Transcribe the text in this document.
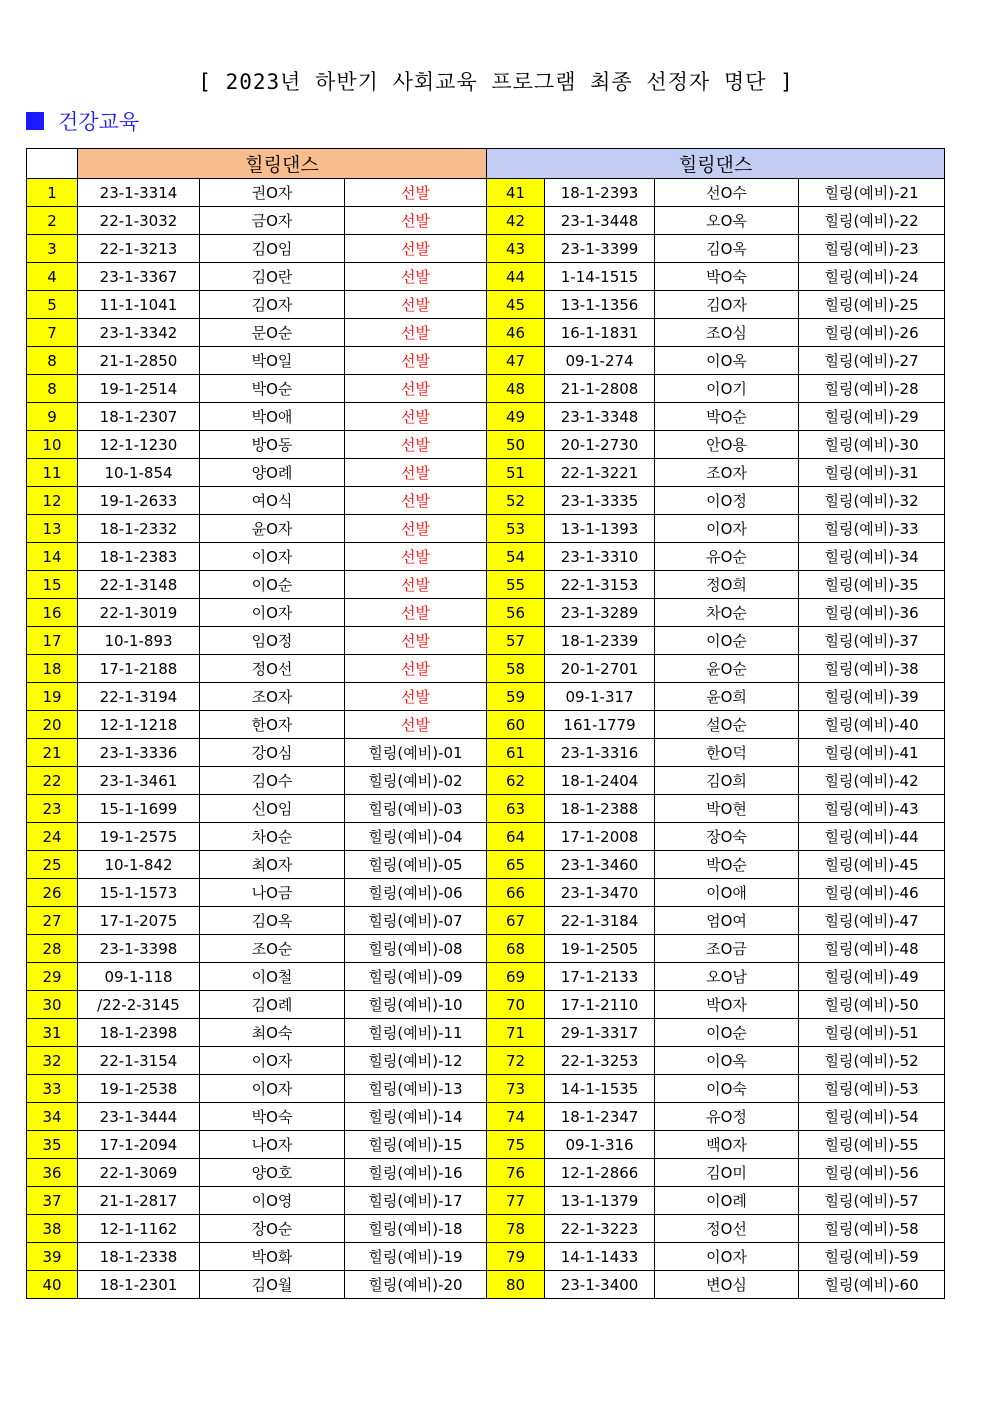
[ 2023년 하반기 사회교육 프로그램 최종 선정자 명단 ]
건강교육
	힐링댄스			힐링댄스			
1	23-1-3314	권O자	선발	41	18-1-2393	선O수	힐링(예비)-21
2	22-1-3032	금O자	선발	42	23-1-3448	오O옥	힐링(예비)-22
3	22-1-3213	김O임	선발	43	23-1-3399	김O옥	힐링(예비)-23
4	23-1-3367	김O란	선발	44	1-14-1515	박O숙	힐링(예비)-24
5	11-1-1041	김O자	선발	45	13-1-1356	김O자	힐링(예비)-25
7	23-1-3342	문O순	선발	46	16-1-1831	조O심	힐링(예비)-26
8	21-1-2850	박O일	선발	47	09-1-274	이O옥	힐링(예비)-27
8	19-1-2514	박O순	선발	48	21-1-2808	이O기	힐링(예비)-28
9	18-1-2307	박O애	선발	49	23-1-3348	박O순	힐링(예비)-29
10	12-1-1230	방O동	선발	50	20-1-2730	안O용	힐링(예비)-30
11	10-1-854	양O례	선발	51	22-1-3221	조O자	힐링(예비)-31
12	19-1-2633	여O식	선발	52	23-1-3335	이O정	힐링(예비)-32
13	18-1-2332	윤O자	선발	53	13-1-1393	이O자	힐링(예비)-33
14	18-1-2383	이O자	선발	54	23-1-3310	유O순	힐링(예비)-34
15	22-1-3148	이O순	선발	55	22-1-3153	정O희	힐링(예비)-35
16	22-1-3019	이O자	선발	56	23-1-3289	차O순	힐링(예비)-36
17	10-1-893	임O정	선발	57	18-1-2339	이O순	힐링(예비)-37
18	17-1-2188	정O선	선발	58	20-1-2701	윤O순	힐링(예비)-38
19	22-1-3194	조O자	선발	59	09-1-317	윤O희	힐링(예비)-39
20	12-1-1218	한O자	선발	60	161-1779	설O순	힐링(예비)-40
21	23-1-3336	강O심	힐링(예비)-01	61	23-1-3316	한O덕	힐링(예비)-41
22	23-1-3461	김O수	힐링(예비)-02	62	18-1-2404	김O희	힐링(예비)-42
23	15-1-1699	신O임	힐링(예비)-03	63	18-1-2388	박O현	힐링(예비)-43
24	19-1-2575	차O순	힐링(예비)-04	64	17-1-2008	장O숙	힐링(예비)-44
25	10-1-842	최O자	힐링(예비)-05	65	23-1-3460	박O순	힐링(예비)-45
26	15-1-1573	나O금	힐링(예비)-06	66	23-1-3470	이O애	힐링(예비)-46
27	17-1-2075	김O옥	힐링(예비)-07	67	22-1-3184	엄O여	힐링(예비)-47
28	23-1-3398	조O순	힐링(예비)-08	68	19-1-2505	조O금	힐링(예비)-48
29	09-1-118	이O철	힐링(예비)-09	69	17-1-2133	오O남	힐링(예비)-49
30	/22-2-3145	김O례	힐링(예비)-10	70	17-1-2110	박O자	힐링(예비)-50
31	18-1-2398	최O숙	힐링(예비)-11	71	29-1-3317	이O순	힐링(예비)-51
32	22-1-3154	이O자	힐링(예비)-12	72	22-1-3253	이O옥	힐링(예비)-52
33	19-1-2538	이O자	힐링(예비)-13	73	14-1-1535	이O숙	힐링(예비)-53
34	23-1-3444	박O숙	힐링(예비)-14	74	18-1-2347	유O정	힐링(예비)-54
35	17-1-2094	나O자	힐링(예비)-15	75	09-1-316	백O자	힐링(예비)-55
36	22-1-3069	양O호	힐링(예비)-16	76	12-1-2866	김O미	힐링(예비)-56
37	21-1-2817	이O영	힐링(예비)-17	77	13-1-1379	이O례	힐링(예비)-57
38	12-1-1162	장O순	힐링(예비)-18	78	22-1-3223	정O선	힐링(예비)-58
39	18-1-2338	박O화	힐링(예비)-19	79	14-1-1433	이O자	힐링(예비)-59
40	18-1-2301	김O월	힐링(예비)-20	80	23-1-3400	변O심	힐링(예비)-60
